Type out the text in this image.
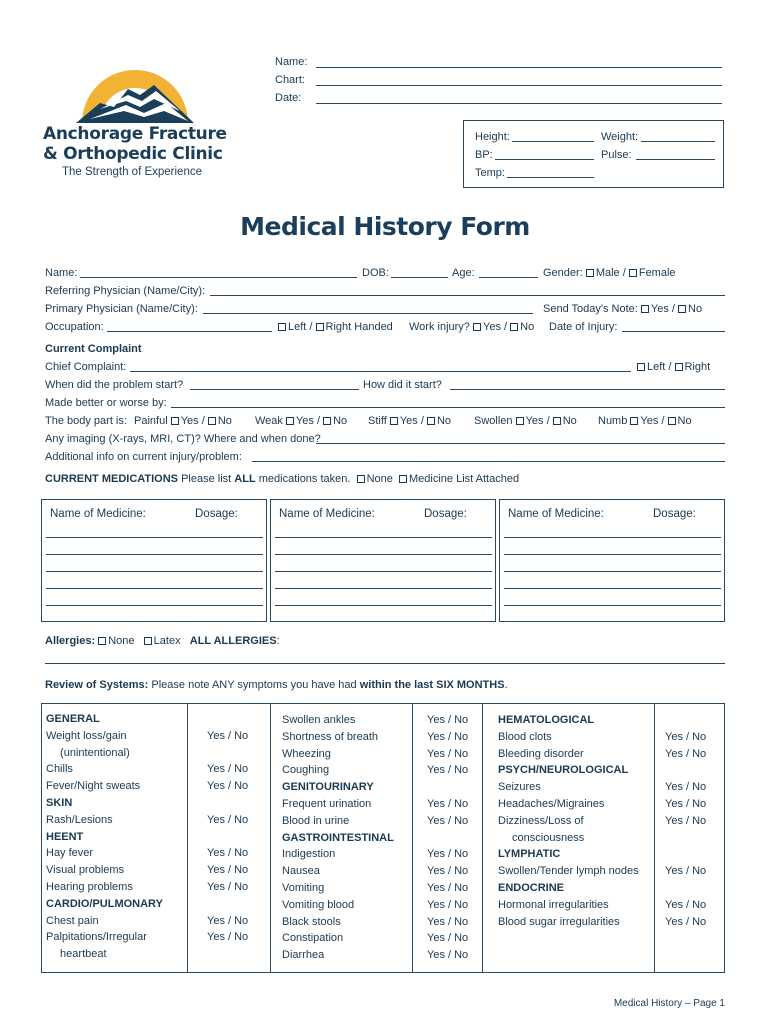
Anchorage Fracture
& Orthopedic Clinic
The Strength of Experience
Name:
Chart:
Date:
Height:	Weight:
BP:	Pulse:
Temp:
Medical History Form
Name:	DOB:	Age:	Gender: Male / Female
Referring Physician (Name/City):
Primary Physician (Name/City):	Send Today's Note: Yes / No
Occupation:	Left / Right Handed Work injury? Yes / No Date of Injury:
Current Complaint
Chief Complaint:	Left / Right
When did the problem start?	How did it start?
Made better or worse by:
The body part is: Painful Yes / No Weak Yes / No Stiff Yes / No Swollen Yes / No Numb Yes / No
Any imaging (X-rays, MRI, CT)? Where and when done?
Additional info on current injury/problem:
CURRENT MEDICATIONS Please list ALL medications taken. None Medicine List Attached
Name of Medicine:	Dosage:	Name of Medicine:	Dosage:	Name of Medicine:	Dosage:
Allergies: None Latex ALL ALLERGIES:
Review of Systems: Please note ANY symptoms you have had within the last SIX MONTHS.
GENERAL
Weight loss/gain	Yes / No
  (unintentional)
Chills	Yes / No
Fever/Night sweats	Yes / No
SKIN
Rash/Lesions	Yes / No
HEENT
Hay fever	Yes / No
Visual problems	Yes / No
Hearing problems	Yes / No
CARDIO/PULMONARY
Chest pain	Yes / No
Palpitations/Irregular	Yes / No
  heartbeat
Swollen ankles	Yes / No
Shortness of breath	Yes / No
Wheezing	Yes / No
Coughing	Yes / No
GENITOURINARY
Frequent urination	Yes / No
Blood in urine	Yes / No
GASTROINTESTINAL
Indigestion	Yes / No
Nausea	Yes / No
Vomiting	Yes / No
Vomiting blood	Yes / No
Black stools	Yes / No
Constipation	Yes / No
Diarrhea	Yes / No
HEMATOLOGICAL
Blood clots	Yes / No
Bleeding disorder	Yes / No
PSYCH/NEUROLOGICAL
Seizures	Yes / No
Headaches/Migraines	Yes / No
Dizziness/Loss of	Yes / No
  consciousness
LYMPHATIC
Swollen/Tender lymph nodes Yes / No
ENDOCRINE
Hormonal irregularities	Yes / No
Blood sugar irregularities	Yes / No
Medical History – Page 1
